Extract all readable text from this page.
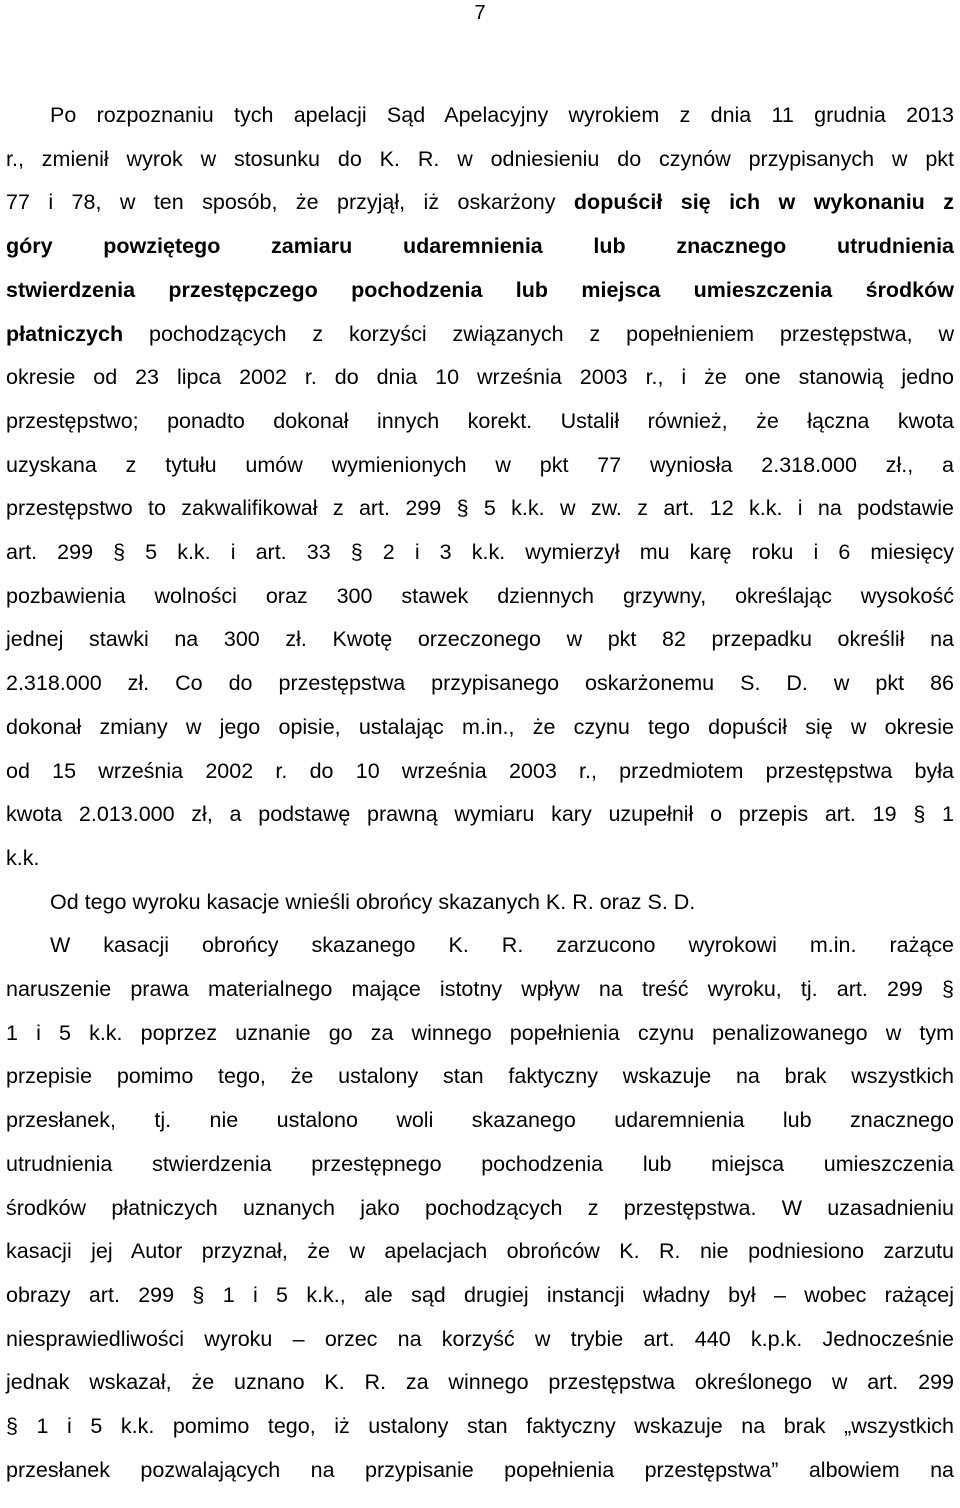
7
Po rozpoznaniu tych apelacji Sąd Apelacyjny wyrokiem z dnia 11 grudnia 2013
r., zmienił wyrok w stosunku do K. R. w odniesieniu do czynów przypisanych w pkt
77 i 78, w ten sposób, że przyjął, iż oskarżony dopuścił się ich w wykonaniu z
góry powziętego zamiaru udaremnienia lub znacznego utrudnienia
stwierdzenia przestępczego pochodzenia lub miejsca umieszczenia środków
płatniczych pochodzących z korzyści związanych z popełnieniem przestępstwa, w
okresie od 23 lipca 2002 r. do dnia 10 września 2003 r., i że one stanowią jedno
przestępstwo; ponadto dokonał innych korekt. Ustalił również, że łączna kwota
uzyskana z tytułu umów wymienionych w pkt 77 wyniosła 2.318.000 zł., a
przestępstwo to zakwalifikował z art. 299 § 5 k.k. w zw. z art. 12 k.k. i na podstawie
art. 299 § 5 k.k. i art. 33 § 2 i 3 k.k. wymierzył mu karę roku i 6 miesięcy
pozbawienia wolności oraz 300 stawek dziennych grzywny, określając wysokość
jednej stawki na 300 zł. Kwotę orzeczonego w pkt 82 przepadku określił na
2.318.000 zł. Co do przestępstwa przypisanego oskarżonemu S. D. w pkt 86
dokonał zmiany w jego opisie, ustalając m.in., że czynu tego dopuścił się w okresie
od 15 września 2002 r. do 10 września 2003 r., przedmiotem przestępstwa była
kwota 2.013.000 zł, a podstawę prawną wymiaru kary uzupełnił o przepis art. 19 § 1
k.k.
Od tego wyroku kasacje wnieśli obrońcy skazanych K. R. oraz S. D.
W kasacji obrońcy skazanego K. R. zarzucono wyrokowi m.in. rażące
naruszenie prawa materialnego mające istotny wpływ na treść wyroku, tj. art. 299 §
1 i 5 k.k. poprzez uznanie go za winnego popełnienia czynu penalizowanego w tym
przepisie pomimo tego, że ustalony stan faktyczny wskazuje na brak wszystkich
przesłanek, tj. nie ustalono woli skazanego udaremnienia lub znacznego
utrudnienia stwierdzenia przestępnego pochodzenia lub miejsca umieszczenia
środków płatniczych uznanych jako pochodzących z przestępstwa. W uzasadnieniu
kasacji jej Autor przyznał, że w apelacjach obrońców K. R. nie podniesiono zarzutu
obrazy art. 299 § 1 i 5 k.k., ale sąd drugiej instancji władny był – wobec rażącej
niesprawiedliwości wyroku – orzec na korzyść w trybie art. 440 k.p.k. Jednocześnie
jednak wskazał, że uznano K. R. za winnego przestępstwa określonego w art. 299
§ 1 i 5 k.k. pomimo tego, iż ustalony stan faktyczny wskazuje na brak „wszystkich
przesłanek pozwalających na przypisanie popełnienia przestępstwa” albowiem na
